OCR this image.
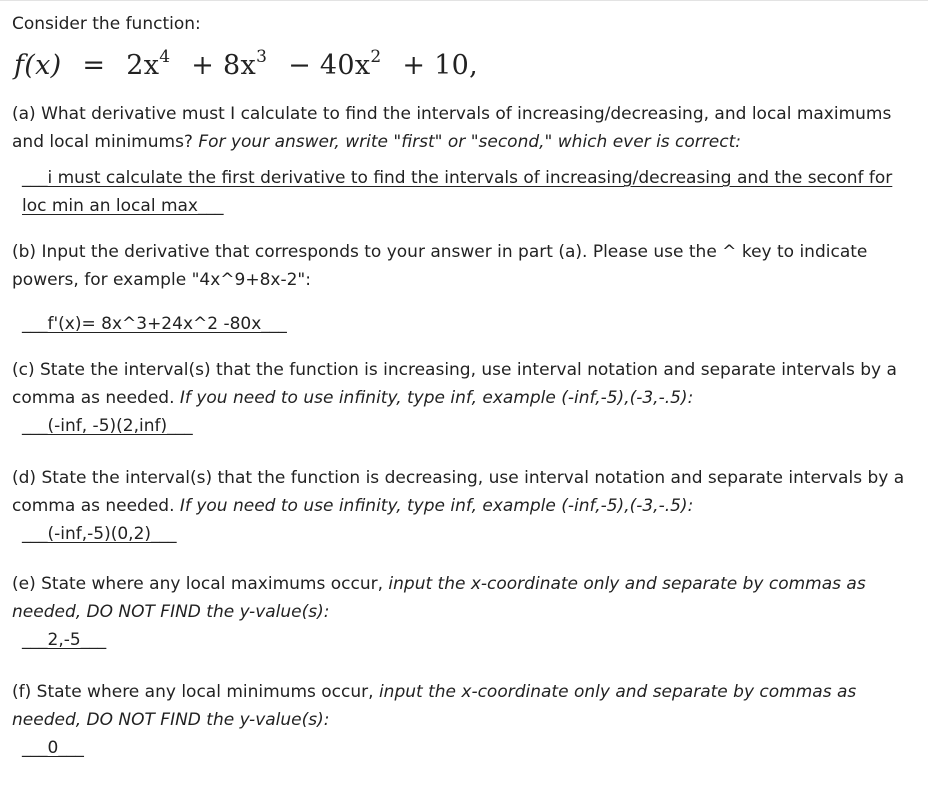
Consider the function:

$f(x) = 2x^4 + 8x^3 - 40x^2 + 10$,

(a) What derivative must I calculate to find the intervals of increasing/decreasing, and local maximums and local minimums? For your answer, write "first" or "second," which ever is correct:

___i must calculate the first derivative to find the intervals of increasing/decreasing and the seconf for loc min an local max___

(b) Input the derivative that corresponds to your answer in part (a). Please use the ^ key to indicate powers, for example "4x^9+8x-2":

___f'(x)= 8x^3+24x^2 -80x___

(c) State the interval(s) that the function is increasing, use interval notation and separate intervals by a comma as needed. If you need to use infinity, type inf, example (-inf,-5),(-3,-.5):

___(-inf, -5)(2,inf)___

(d) State the interval(s) that the function is decreasing, use interval notation and separate intervals by a comma as needed. If you need to use infinity, type inf, example (-inf,-5),(-3,-.5):

___(-inf,-5)(0,2)___

(e) State where any local maximums occur, input the x-coordinate only and separate by commas as needed, DO NOT FIND the y-value(s):

___2,-5___

(f) State where any local minimums occur, input the x-coordinate only and separate by commas as needed, DO NOT FIND the y-value(s):

___0___
